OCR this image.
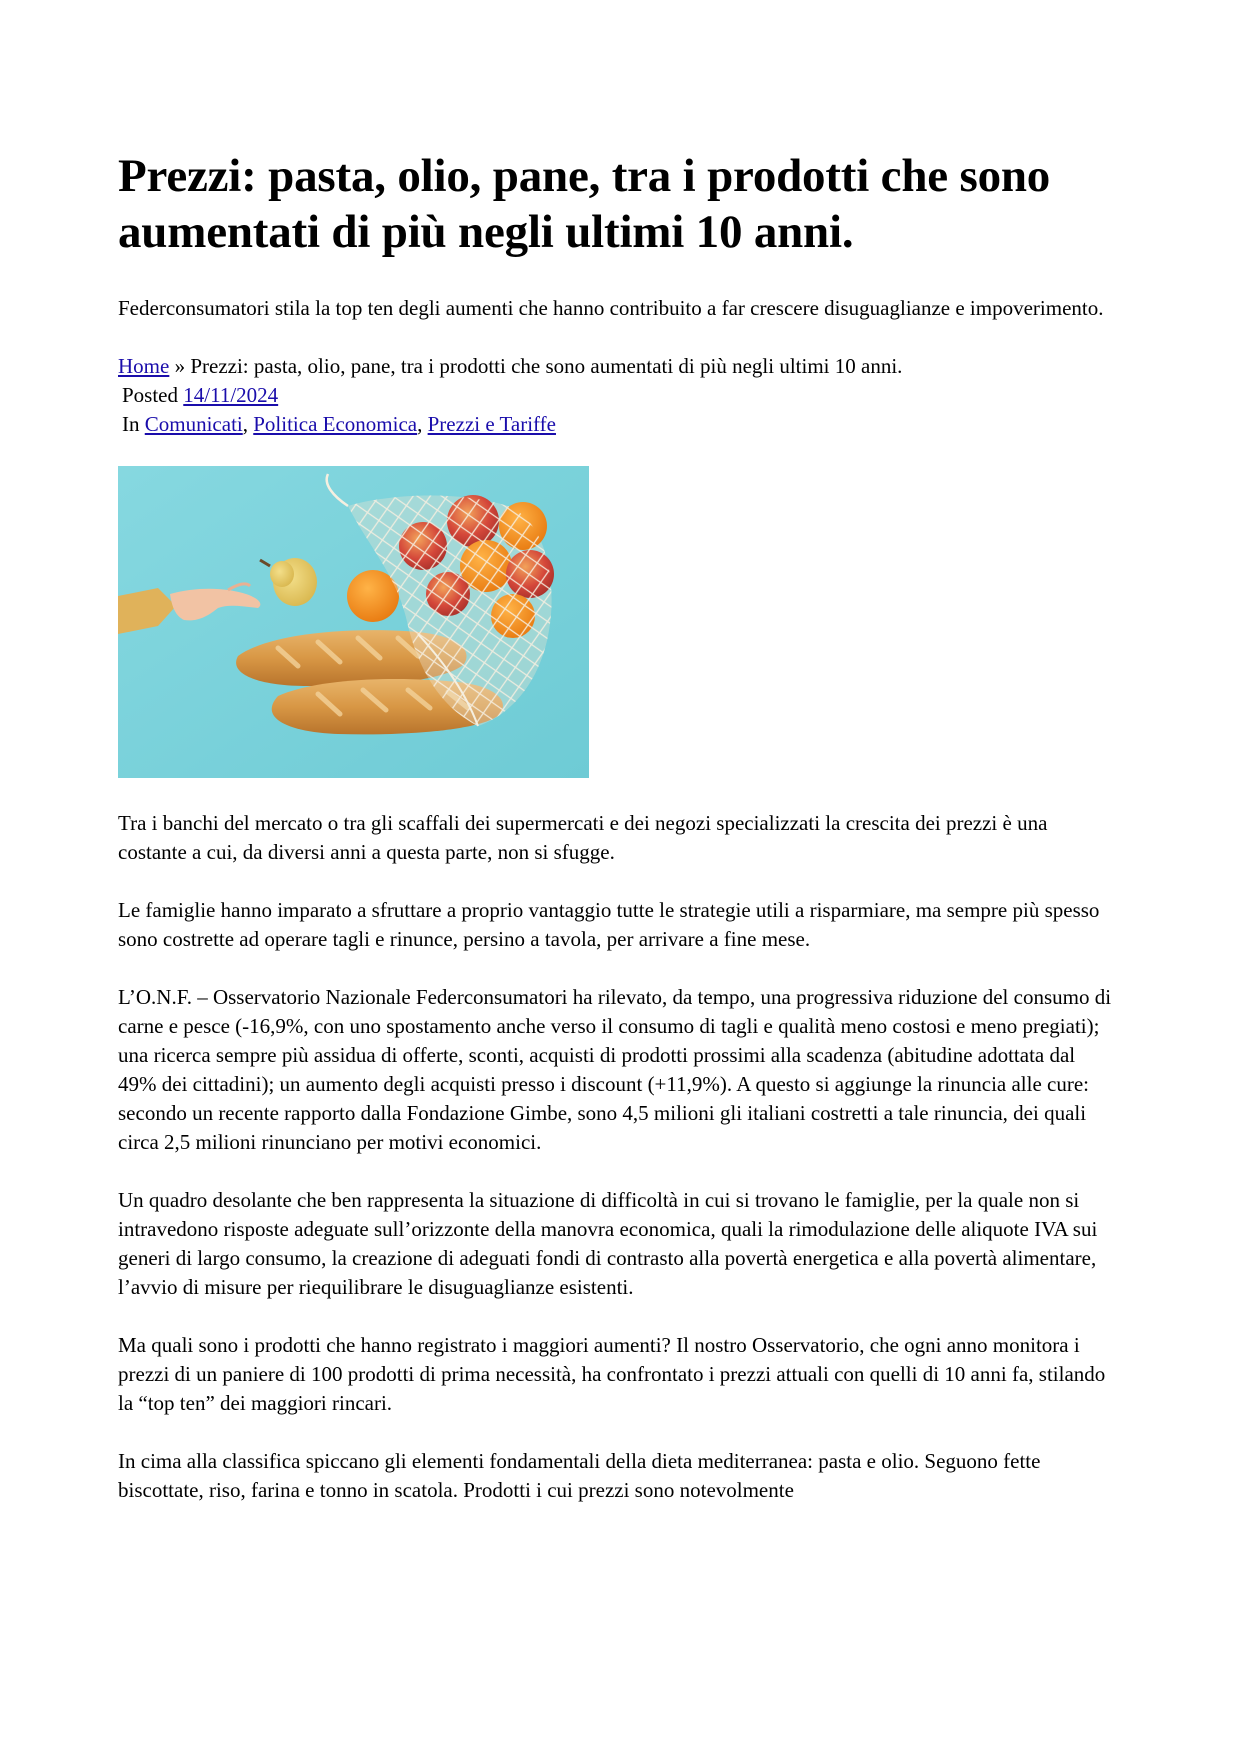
Prezzi: pasta, olio, pane, tra i prodotti che sono aumentati di più negli ultimi 10 anni.

Federconsumatori stila la top ten degli aumenti che hanno contribuito a far crescere disuguaglianze e impoverimento.

Home » Prezzi: pasta, olio, pane, tra i prodotti che sono aumentati di più negli ultimi 10 anni.

Posted 14/11/2024

In Comunicati, Politica Economica, Prezzi e Tariffe

Tra i banchi del mercato o tra gli scaffali dei supermercati e dei negozi specializzati la crescita dei prezzi è una costante a cui, da diversi anni a questa parte, non si sfugge.

Le famiglie hanno imparato a sfruttare a proprio vantaggio tutte le strategie utili a risparmiare, ma sempre più spesso sono costrette ad operare tagli e rinunce, persino a tavola, per arrivare a fine mese.

L’O.N.F. – Osservatorio Nazionale Federconsumatori ha rilevato, da tempo, una progressiva riduzione del consumo di carne e pesce (-16,9%, con uno spostamento anche verso il consumo di tagli e qualità meno costosi e meno pregiati); una ricerca sempre più assidua di offerte, sconti, acquisti di prodotti prossimi alla scadenza (abitudine adottata dal 49% dei cittadini); un aumento degli acquisti presso i discount (+11,9%). A questo si aggiunge la rinuncia alle cure: secondo un recente rapporto dalla Fondazione Gimbe, sono 4,5 milioni gli italiani costretti a tale rinuncia, dei quali circa 2,5 milioni rinunciano per motivi economici.

Un quadro desolante che ben rappresenta la situazione di difficoltà in cui si trovano le famiglie, per la quale non si intravedono risposte adeguate sull’orizzonte della manovra economica, quali la rimodulazione delle aliquote IVA sui generi di largo consumo, la creazione di adeguati fondi di contrasto alla povertà energetica e alla povertà alimentare, l’avvio di misure per riequilibrare le disuguaglianze esistenti.

Ma quali sono i prodotti che hanno registrato i maggiori aumenti? Il nostro Osservatorio, che ogni anno monitora i prezzi di un paniere di 100 prodotti di prima necessità, ha confrontato i prezzi attuali con quelli di 10 anni fa, stilando la “top ten” dei maggiori rincari.

In cima alla classifica spiccano gli elementi fondamentali della dieta mediterranea: pasta e olio. Seguono fette biscottate, riso, farina e tonno in scatola. Prodotti i cui prezzi sono notevolmente
